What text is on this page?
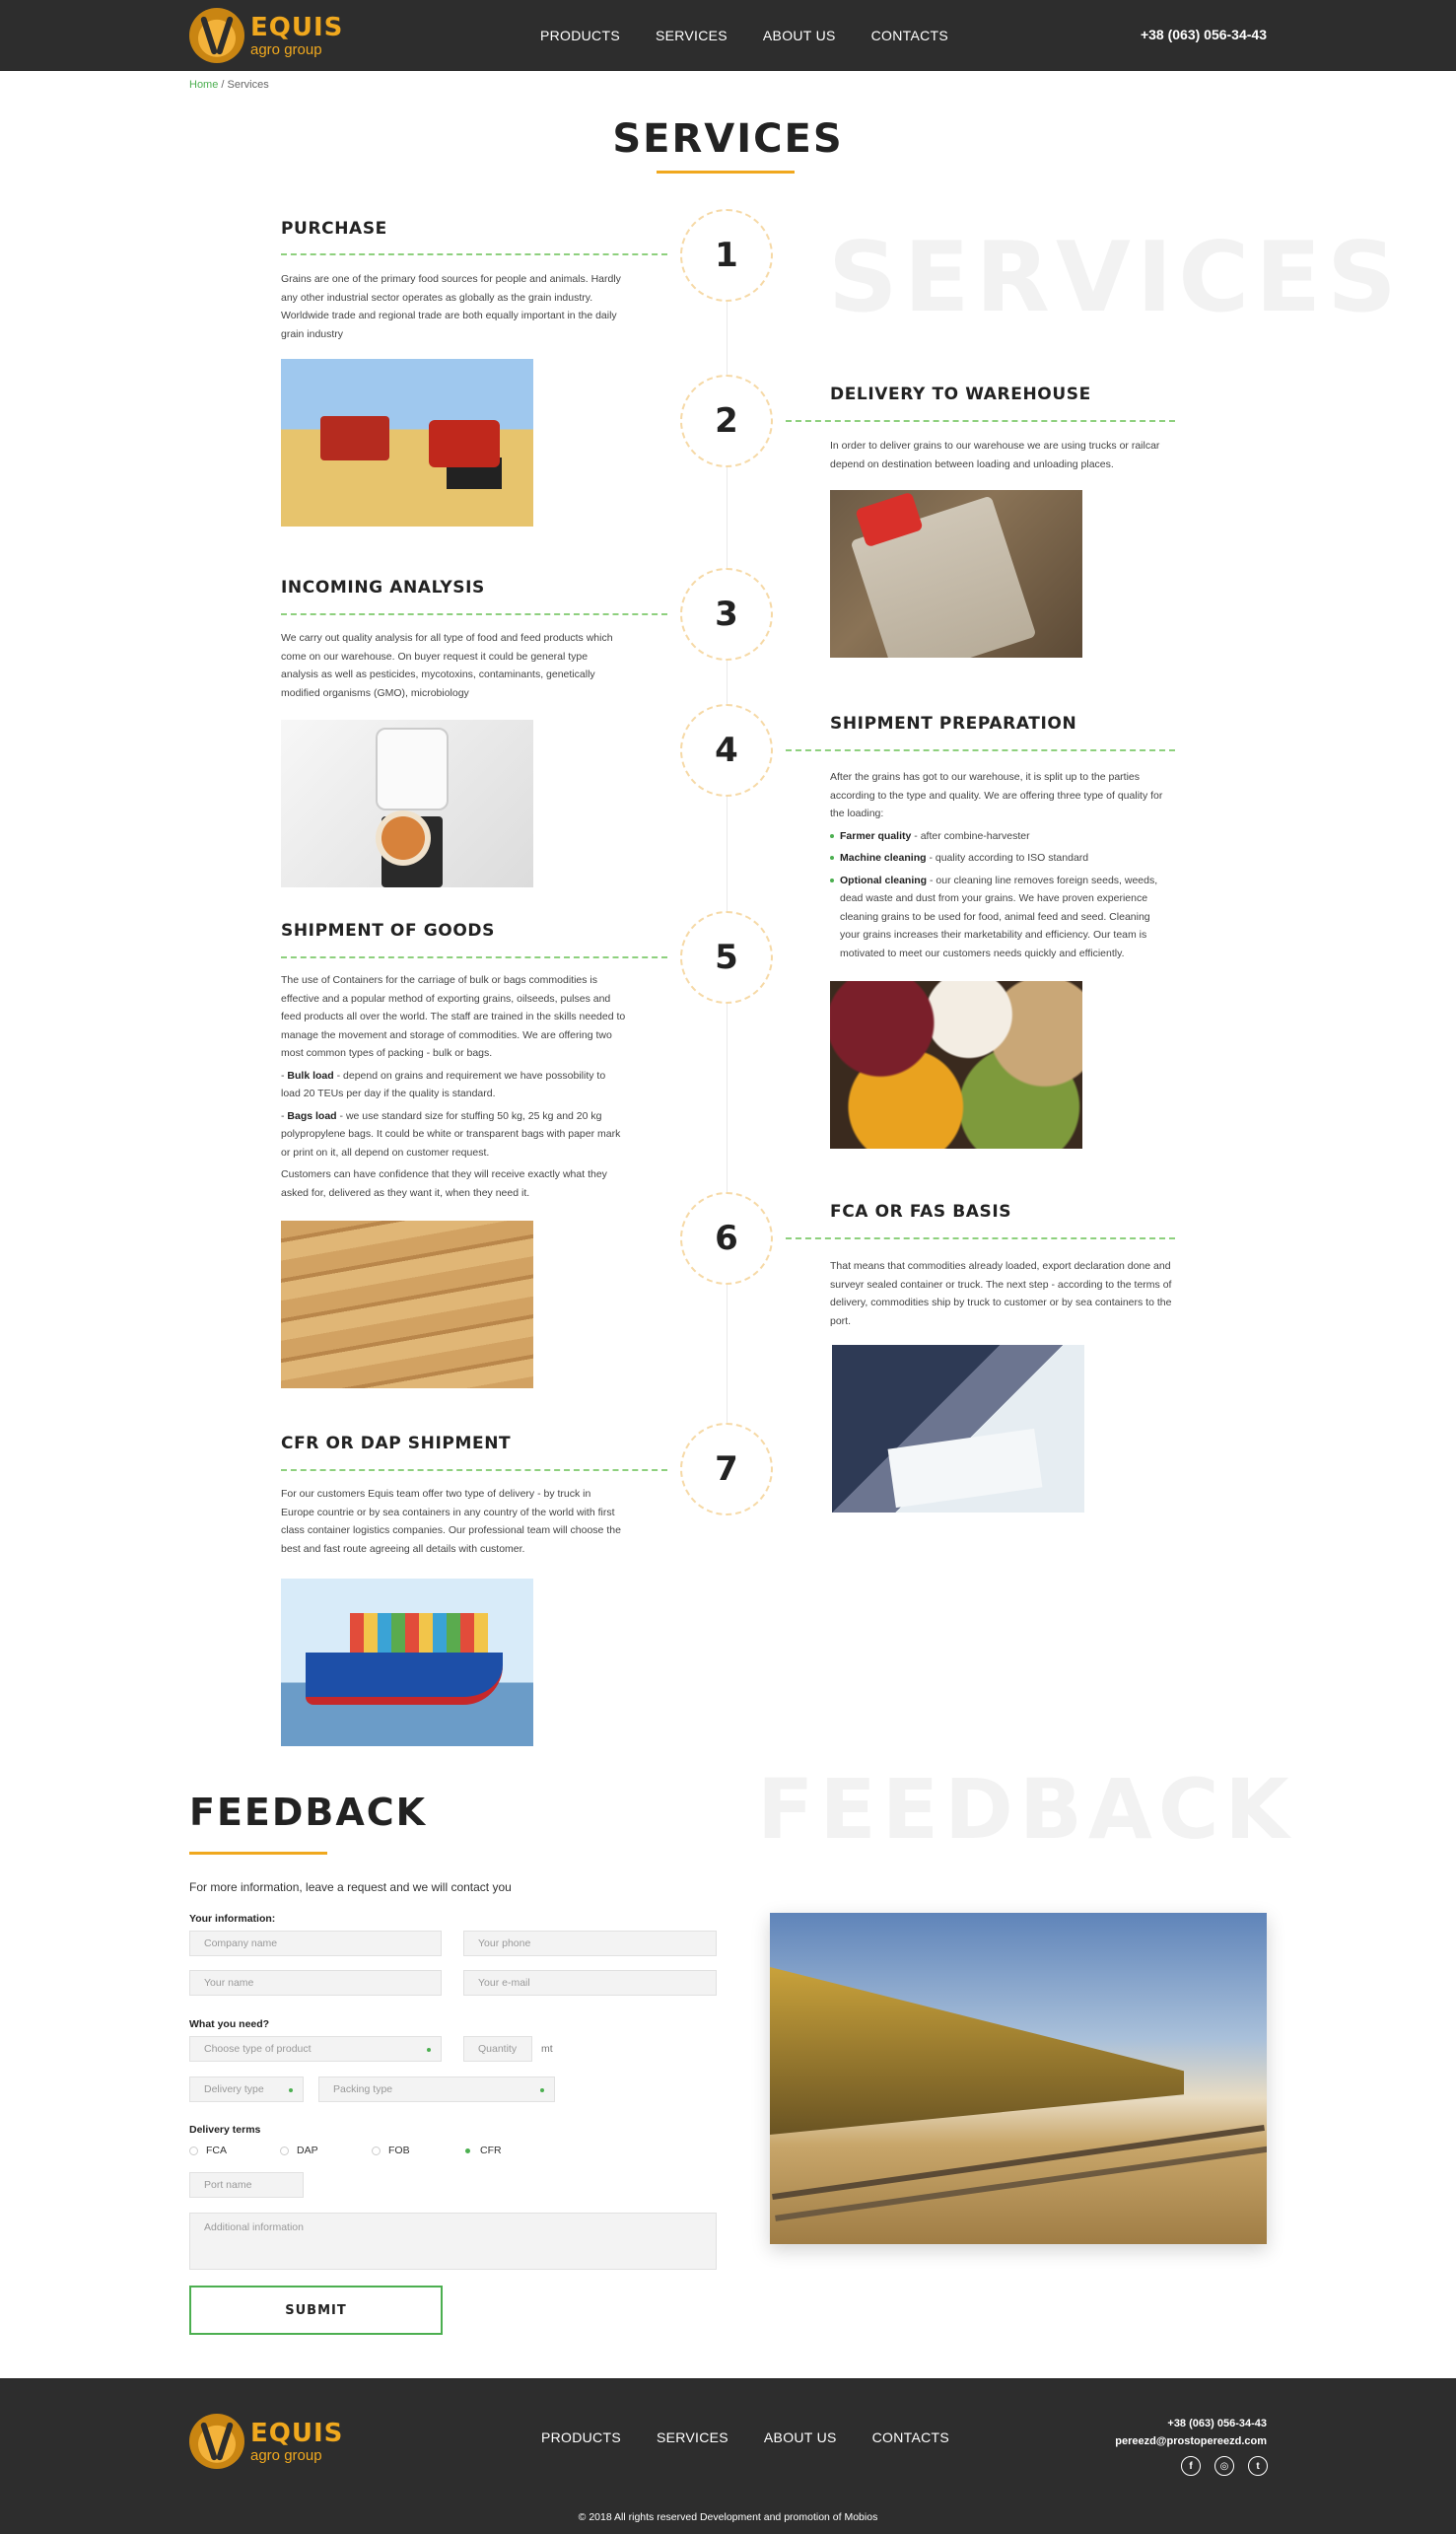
EQUIS
agro group
PRODUCTS	SERVICES	ABOUT US	CONTACTS	+38 (063) 056-34-43
Home / Services
SERVICES
SERVICES
1
PURCHASE

Grains are one of the primary food sources for people and animals. Hardly any other industrial sector operates as globally as the grain industry. Worldwide trade and regional trade are both equally important in the daily grain industry

2
DELIVERY TO WAREHOUSE

In order to deliver grains to our warehouse we are using trucks or railcar depend on destination between loading and unloading places.

3
INCOMING ANALYSIS

We carry out quality analysis for all type of food and feed products which come on our warehouse. On buyer request it could be general type analysis as well as pesticides, mycotoxins, contaminants, genetically modified organisms (GMO), microbiology

4
SHIPMENT PREPARATION

After the grains has got to our warehouse, it is split up to the parties according to the type and quality. We are offering three type of quality for the loading:

Farmer quality - after combine-harvester
Machine cleaning - quality according to ISO standard
Optional cleaning - our cleaning line removes foreign seeds, weeds, dead waste and dust from your grains. We have proven experience cleaning grains to be used for food, animal feed and seed. Cleaning your grains increases their marketability and efficiency. Our team is motivated to meet our customers needs quickly and efficiently.
5
SHIPMENT OF GOODS

The use of Containers for the carriage of bulk or bags commodities is effective and a popular method of exporting grains, oilseeds, pulses and feed products all over the world. The staff are trained in the skills needed to manage the movement and storage of commodities. We are offering two most common types of packing - bulk or bags.

- Bulk load - depend on grains and requirement we have possobility to load 20 TEUs per day if the quality is standard.

- Bags load - we use standard size for stuffing 50 kg, 25 kg and 20 kg polypropylene bags. It could be white or transparent bags with paper mark or print on it, all depend on customer request.

Customers can have confidence that they will receive exactly what they asked for, delivered as they want it, when they need it.

6
FCA OR FAS BASIS

That means that commodities already loaded, export declaration done and surveyr sealed container or truck. The next step - according to the terms of delivery, commodities ship by truck to customer or by sea containers to the port.

7
CFR OR DAP SHIPMENT

For our customers Equis team offer two type of delivery - by truck in Europe countrie or by sea containers in any country of the world with first class container logistics companies. Our professional team will choose the best and fast route agreeing all details with customer.

FEEDBACK
FEEDBACK

For more information, leave a request and we will contact you

Your information:
Company name	Your phone
Your name	Your e-mail
What you need?
Choose type of product	Quantity	mt
Delivery type	Packing type
Delivery terms
FCA	DAP	FOB	CFR
Port name
Additional information
SUBMIT
EQUIS
agro group
PRODUCTS	SERVICES	ABOUT US	CONTACTS
+38 (063) 056-34-43
pereezd@prostopereezd.com
f	◎	t
© 2018 All rights reserved Development and promotion of Mobios
